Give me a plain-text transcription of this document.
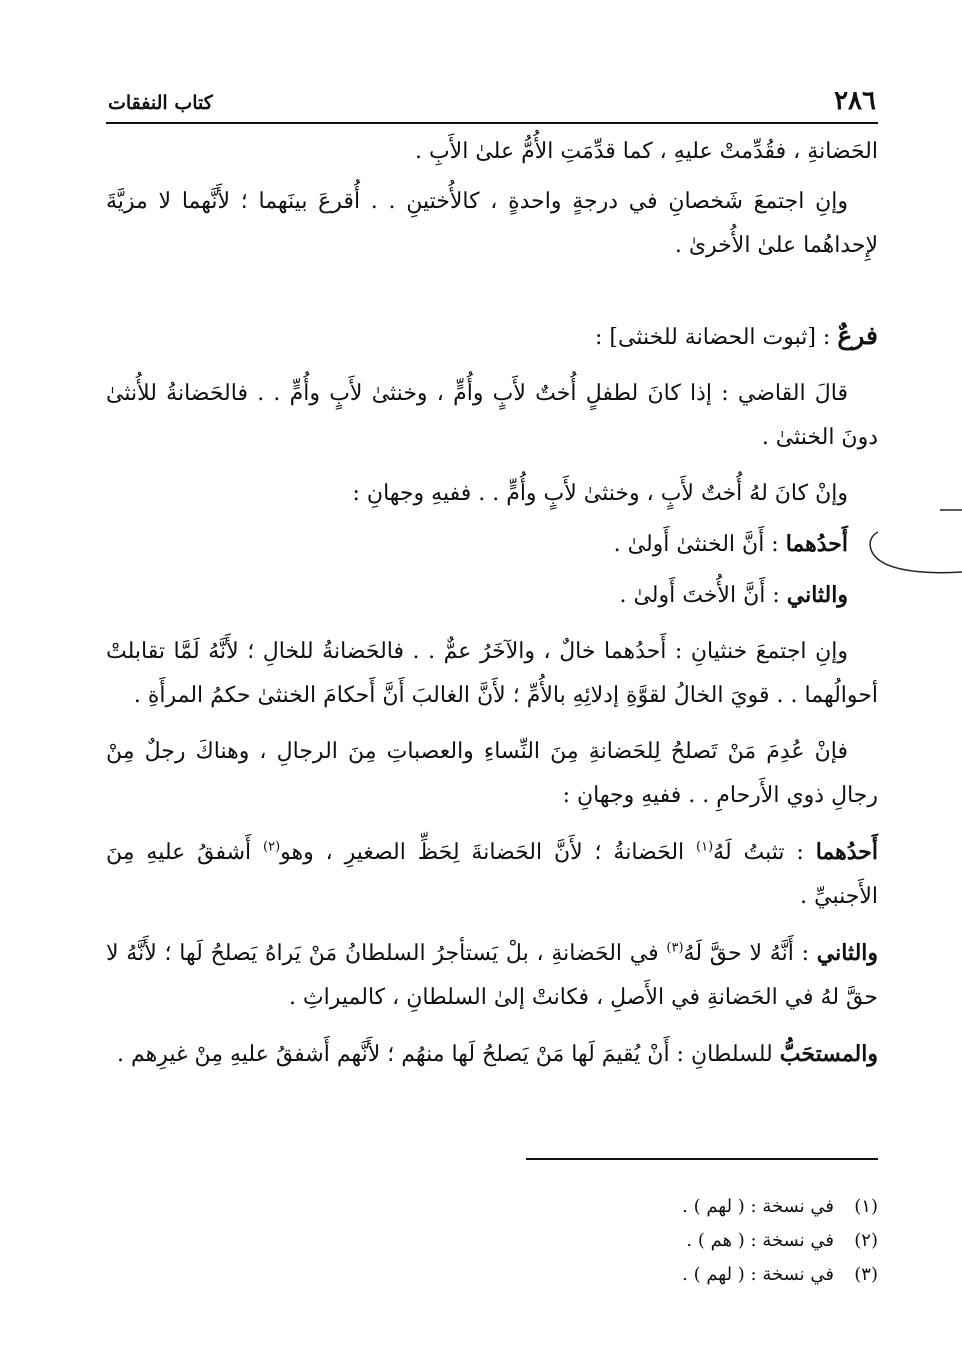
٢٨٦
كتاب النفقات

الحَضانةِ ، فقُدِّمتْ عليهِ ، كما قدِّمَتِ الأُمُّ علىٰ الأَبِ .

وإنِ اجتمعَ شَخصانِ في درجةٍ واحدةٍ ، كالأُختينِ . . أُقرعَ بينَهما ؛ لأَنَّهما لا مزيَّةَ لإِحداهُما علىٰ الأُخرىٰ .

فرعٌ : [ثبوت الحضانة للخنثى] :

قالَ القاضي : إذا كانَ لطفلٍ أُختٌ لأَبٍ وأُمٍّ ، وخنثىٰ لأَبٍ وأُمٍّ . . فالحَضانةُ للأُنثىٰ دونَ الخنثىٰ .

وإنْ كانَ لهُ أُختٌ لأَبٍ ، وخنثىٰ لأَبٍ وأُمٍّ . . ففيهِ وجهانِ :

أَحدُهما : أَنَّ الخنثىٰ أَولىٰ .

والثاني : أَنَّ الأُختَ أَولىٰ .

وإنِ اجتمعَ خنثيانِ : أَحدُهما خالٌ ، والآخَرُ عمٌّ . . فالحَضانةُ للخالِ ؛ لأَنَّهُ لَمَّا تقابلتْ أحوالُهما . . قويَ الخالُ لقوَّةِ إدلائِهِ بالأُمِّ ؛ لأَنَّ الغالبَ أَنَّ أَحكامَ الخنثىٰ حكمُ المرأَةِ .

فإنْ عُدِمَ مَنْ تَصلحُ لِلحَضانةِ مِنَ النِّساءِ والعصباتِ مِنَ الرجالِ ، وهناكَ رجلٌ مِنْ رجالِ ذوي الأَرحامِ . . ففيهِ وجهانِ :

أَحدُهما : تثبتُ لَهُ$^{(١)}$ الحَضانةُ ؛ لأَنَّ الحَضانةَ لِحَظِّ الصغيرِ ، وهو$^{(٢)}$ أَشفقُ عليهِ مِنَ الأَجنبيِّ .

والثاني : أَنَّهُ لا حقَّ لَهُ$^{(٣)}$ في الحَضانةِ ، بلْ يَستأجرُ السلطانُ مَنْ يَراهُ يَصلحُ لَها ؛ لأَنَّهُ لا حقَّ لهُ في الحَضانةِ في الأَصلِ ، فكانتْ إلىٰ السلطانِ ، كالميراثِ .

والمستحَبُّ للسلطانِ : أَنْ يُقيمَ لَها مَنْ يَصلحُ لَها منهُم ؛ لأَنَّهم أَشفقُ عليهِ مِنْ غيرِهم .

(١)في نسخة : ( لهم ) .
(٢)في نسخة : ( هم ) .
(٣)في نسخة : ( لهم ) .
